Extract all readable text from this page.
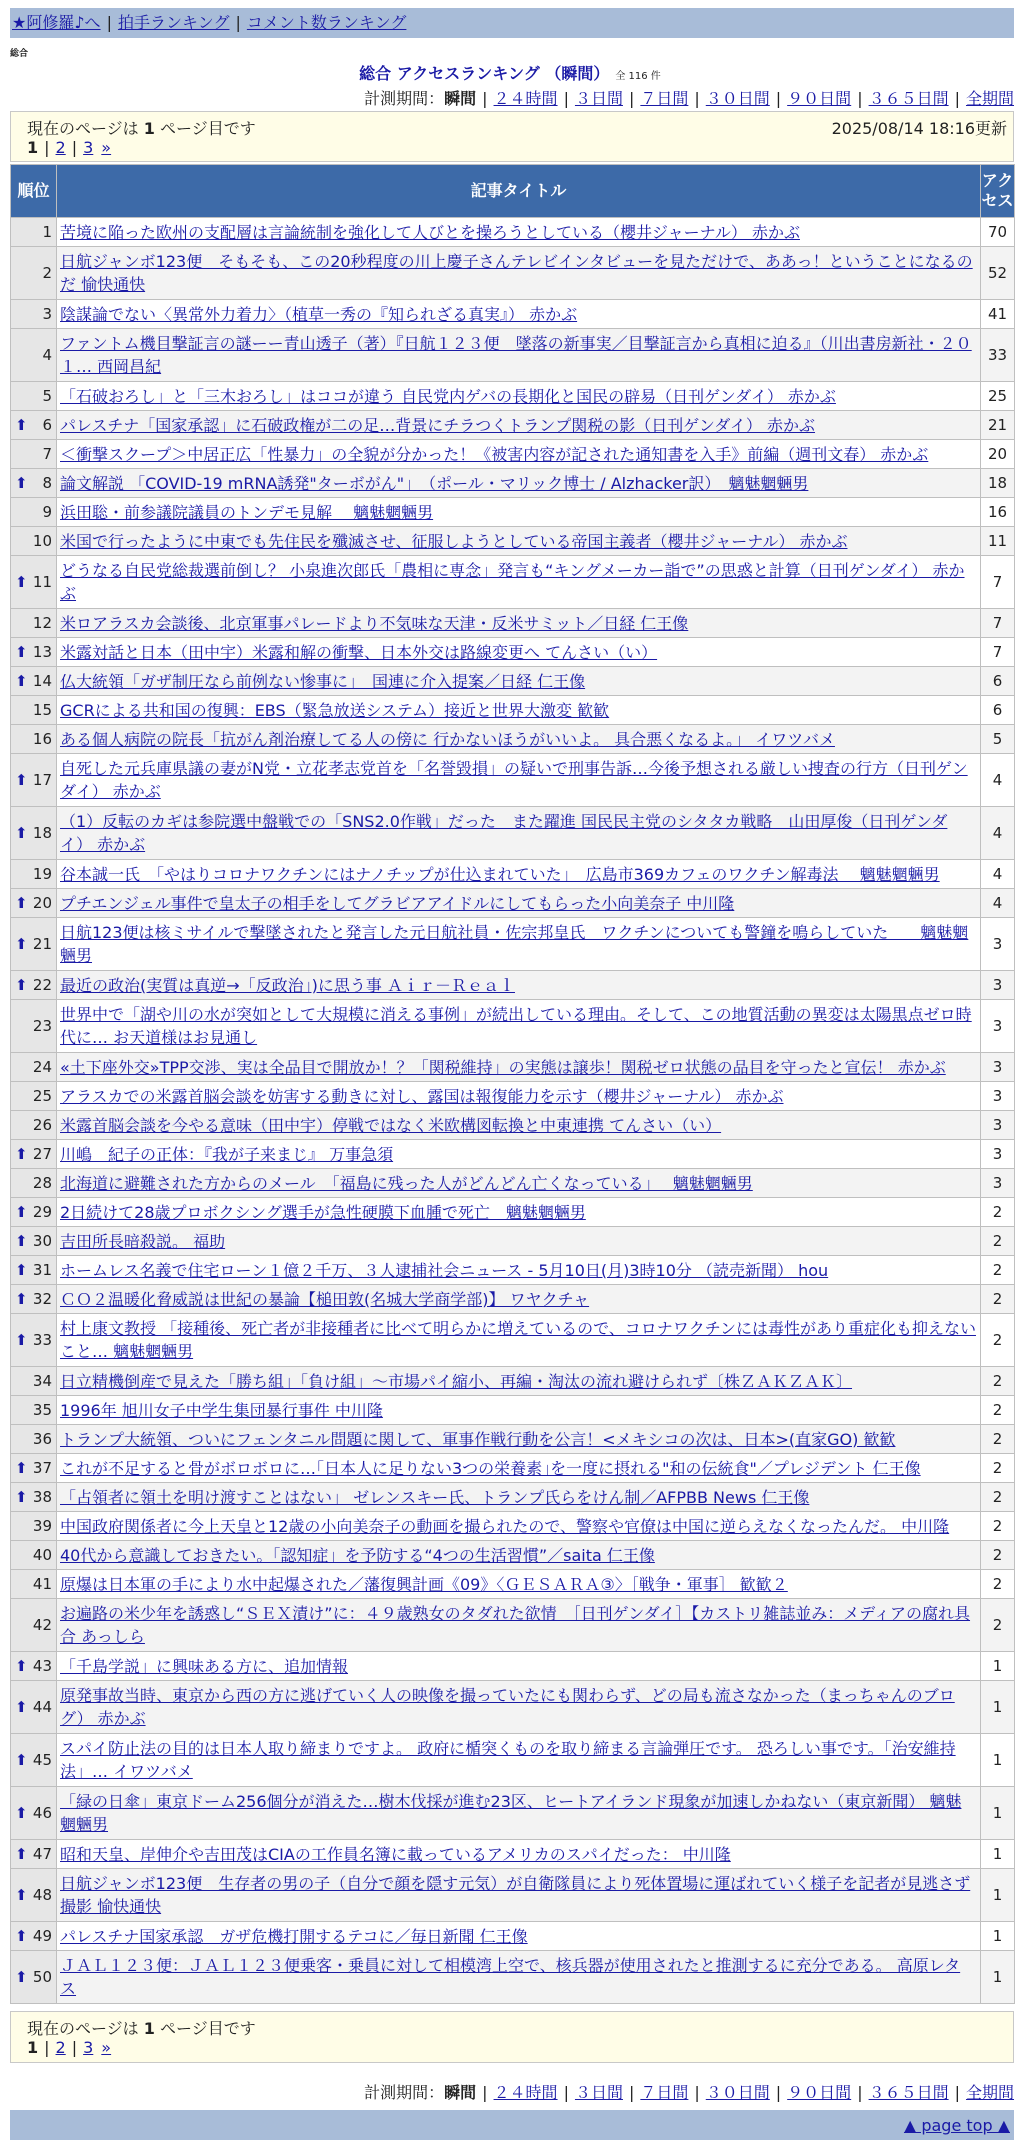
★阿修羅♪へ | 拍手ランキング | コメント数ランキング
総合
総合 アクセスランキング （瞬間） 全 116 件
計測期間：瞬間 | ２４時間 | ３日間 | ７日間 | ３０日間 | ９０日間 | ３６５日間 | 全期間
現在のページは 1 ページ目です	2025/08/14 18:16更新
1 | 2 | 3 »
順位	記事タイトル	アクセス
1	苦境に陥った欧州の支配層は言論統制を強化して人びとを操ろうとしている（櫻井ジャーナル） 赤かぶ	70
2	日航ジャンボ123便　そもそも、この20秒程度の川上慶子さんテレビインタビューを見ただけで、ああっ！ということになるのだ 愉快通快	52
3	陰謀論でない〈異常外力着力〉（植草一秀の『知られざる真実』） 赤かぶ	41
4	ファントム機目撃証言の謎ーー青山透子（著）『日航１２３便　墜落の新事実／目撃証言から真相に迫る』（川出書房新社・２０１… 西岡昌紀	33
5	「石破おろし」と「三木おろし」はココが違う 自民党内ゲバの長期化と国民の辟易（日刊ゲンダイ） 赤かぶ	25

⬆ 6	パレスチナ「国家承認」に石破政権が二の足…背景にチラつくトランプ関税の影（日刊ゲンダイ） 赤かぶ	21
7	＜衝撃スクープ＞中居正広「性暴力」の全貌が分かった！《被害内容が記された通知書を入手》前編（週刊文春） 赤かぶ	20

⬆ 8	論文解説 「COVID-19 mRNA誘発"ターボがん"」　（ポール・マリック博士 / Alzhacker訳）　魑魅魍魎男	18
9	浜田聡・前参議院議員のトンデモ見解　 魑魅魍魎男	16
10	米国で行ったように中東でも先住民を殲滅させ、征服しようとしている帝国主義者（櫻井ジャーナル） 赤かぶ	11

⬆ 11	どうなる自民党総裁選前倒し？ 小泉進次郎氏「農相に専念」発言も“キングメーカー詣で”の思惑と計算（日刊ゲンダイ） 赤かぶ	7
12	米ロアラスカ会談後、北京軍事パレードより不気味な天津・反米サミット／日経 仁王像	7

⬆ 13	米露対話と日本（田中宇）米露和解の衝撃、日本外交は路線変更へ てんさい（い）	7

⬆ 14	仏大統領「ガザ制圧なら前例ない惨事に」　国連に介入提案／日経 仁王像	6
15	GCRによる共和国の復興：EBS（緊急放送システム）接近と世界大激変 歓歓	6
16	ある個人病院の院長「抗がん剤治療してる人の傍に 行かないほうがいいよ。 具合悪くなるよ。」 イワツバメ	5

⬆ 17	自死した元兵庫県議の妻がN党・立花孝志党首を「名誉毀損」の疑いで刑事告訴…今後予想される厳しい捜査の行方（日刊ゲンダイ） 赤かぶ	4

⬆ 18	（1）反転のカギは参院選中盤戦での「SNS2.0作戦」だった　また躍進 国民民主党のシタタカ戦略　山田厚俊（日刊ゲンダイ） 赤かぶ	4
19	谷本誠一氏　「やはりコロナワクチンにはナノチップが仕込まれていた」　広島市369カフェのワクチン解毒法　 魑魅魍魎男	4

⬆ 20	プチエンジェル事件で皇太子の相手をしてグラビアアイドルにしてもらった小向美奈子 中川隆	4

⬆ 21	日航123便は核ミサイルで撃墜されたと発言した元日航社員・佐宗邦皇氏　ワクチンについても警鐘を鳴らしていた　　魑魅魍魎男	3

⬆ 22	最近の政治(実質は真逆→「反政治」)に思う事 Ａｉｒ－Ｒｅａｌ	3
23	世界中で「湖や川の水が突如として大規模に消える事例」が続出している理由。そして、この地質活動の異変は太陽黒点ゼロ時代に… お天道様はお見通し	3
24	«土下座外交»TPP交渉、実は全品目で開放か！？「関税維持」の実態は譲歩！関税ゼロ状態の品目を守ったと宣伝！ 赤かぶ	3
25	アラスカでの米露首脳会談を妨害する動きに対し、露国は報復能力を示す（櫻井ジャーナル） 赤かぶ	3
26	米露首脳会談を今やる意味（田中宇）停戦ではなく米欧構図転換と中東連携 てんさい（い）	3

⬆ 27	川嶋　紀子の正体：『我が子来まじ』 万事急須	3
28	北海道に避難された方からのメール　「福島に残った人がどんどん亡くなっている」　 魑魅魍魎男	3

⬆ 29	2日続けて28歳プロボクシング選手が急性硬膜下血腫で死亡　魑魅魍魎男	2

⬆ 30	吉田所長暗殺説。 福助	2

⬆ 31	ホームレス名義で住宅ローン１億２千万、３人逮捕社会ニュース - 5月10日(月)3時10分 （読売新聞） hou	2

⬆ 32	ＣＯ２温暖化脅威説は世紀の暴論【槌田敦(名城大学商学部)】 ワヤクチャ	2

⬆ 33	村上康文教授 「接種後、死亡者が非接種者に比べて明らかに増えているので、コロナワクチンには毒性があり重症化も抑えないこと… 魑魅魍魎男	2
34	日立精機倒産で見えた「勝ち組」「負け組」～市場パイ縮小、再編・淘汰の流れ避けられず〔株ＺＡＫＺＡＫ〕	2
35	1996年 旭川女子中学生集団暴行事件 中川隆	2
36	トランプ大統領、ついにフェンタニル問題に関して、軍事作戦行動を公言！<メキシコの次は、日本>(直家GO) 歓歓	2

⬆ 37	これが不足すると骨がボロボロに…｢日本人に足りない3つの栄養素｣を一度に摂れる"和の伝統食"／プレジデント 仁王像	2

⬆ 38	「占領者に領土を明け渡すことはない」 ゼレンスキー氏、トランプ氏らをけん制／AFPBB News 仁王像	2
39	中国政府関係者に今上天皇と12歳の小向美奈子の動画を撮られたので、警察や官僚は中国に逆らえなくなったんだ。 中川隆	2
40	40代から意識しておきたい。「認知症」を予防する“4つの生活習慣”／saita 仁王像	2
41	原爆は日本軍の手により水中起爆された／藩復興計画《09》〈ＧＥＳＡＲＡ③〉［戦争・軍事］ 歓歓２	2
42	お遍路の米少年を誘惑し“ＳＥＸ漬け”に：４９歳熟女のタダれた欲情　［日刊ゲンダイ］【カストリ雑誌並み：メディアの腐れ具合 あっしら	2

⬆ 43	「千島学説」に興味ある方に、追加情報	1

⬆ 44	原発事故当時、東京から西の方に逃げていく人の映像を撮っていたにも関わらず、どの局も流さなかった（まっちゃんのブログ） 赤かぶ	1

⬆ 45	スパイ防止法の目的は日本人取り締まりですよ。 政府に楯突くものを取り締まる言論弾圧です。 恐ろしい事です。「治安維持法」… イワツバメ	1

⬆ 46	「緑の日傘」東京ドーム256個分が消えた…樹木伐採が進む23区、ヒートアイランド現象が加速しかねない（東京新聞） 魑魅魍魎男	1

⬆ 47	昭和天皇、岸伸介や吉田茂はCIAの工作員名簿に載っているアメリカのスパイだった： 中川隆	1

⬆ 48	日航ジャンボ123便　生存者の男の子（自分で顔を隠す元気）が自衛隊員により死体置場に運ばれていく様子を記者が見逃さず撮影 愉快通快	1

⬆ 49	パレスチナ国家承認　ガザ危機打開するテコに／毎日新聞 仁王像	1

⬆ 50	ＪＡＬ１２３便：ＪＡＬ１２３便乗客・乗員に対して相模湾上空で、核兵器が使用されたと推測するに充分である。 高原レタス	1
計測期間：瞬間 | ２４時間 | ３日間 | ７日間 | ３０日間 | ９０日間 | ３６５日間 | 全期間
▲ page top ▲
現在のページは 1 ページ目です
1 | 2 | 3 »
